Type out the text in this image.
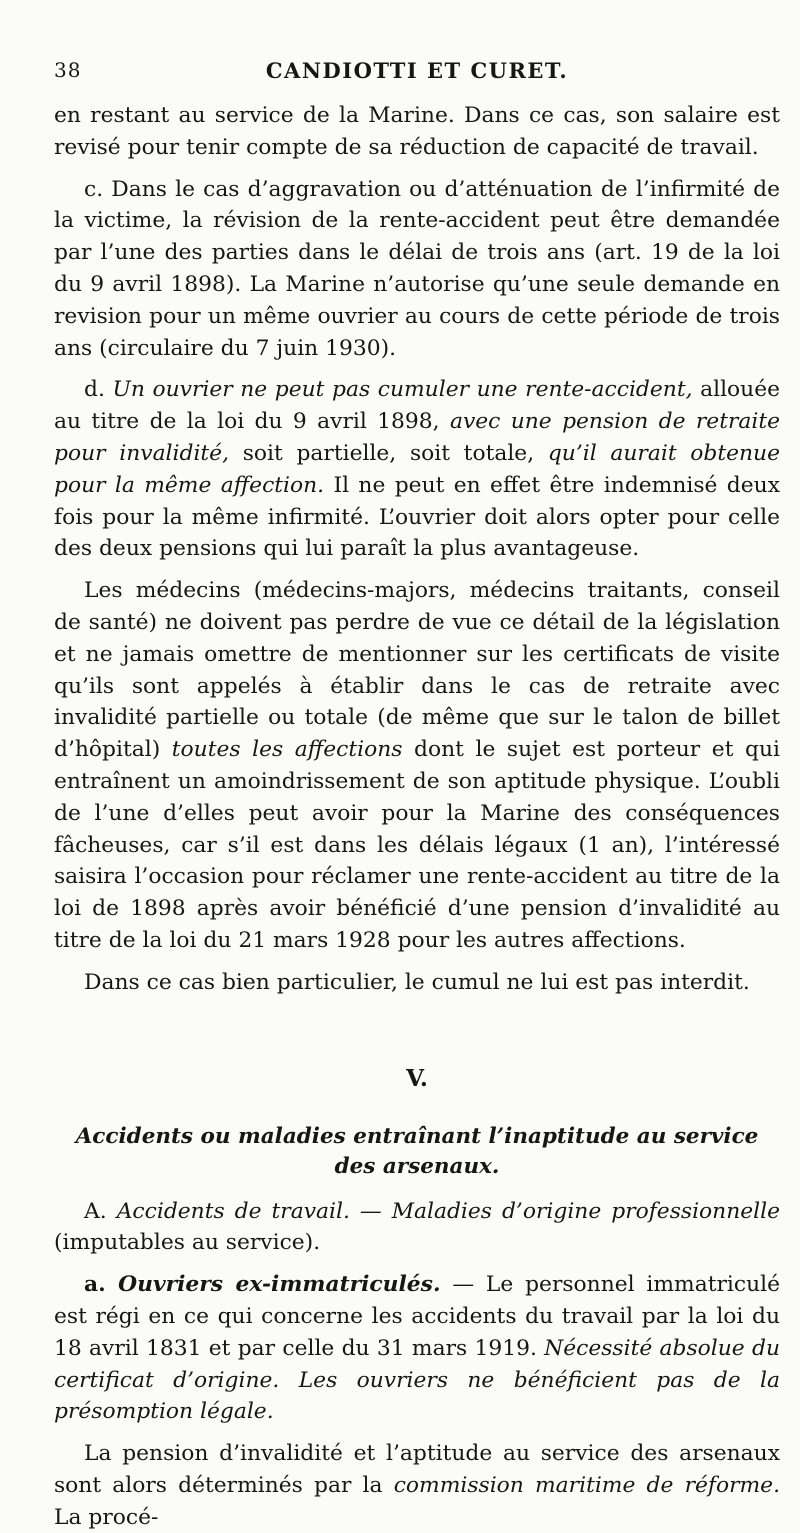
38	CANDIOTTI ET CURET.

en restant au service de la Marine. Dans ce cas, son salaire est revisé pour tenir compte de sa réduction de capacité de travail.

c. Dans le cas d’aggravation ou d’atténuation de l’infirmité de la victime, la révision de la rente-accident peut être demandée par l’une des parties dans le délai de trois ans (art. 19 de la loi du 9 avril 1898). La Marine n’autorise qu’une seule demande en revision pour un même ouvrier au cours de cette période de trois ans (circulaire du 7 juin 1930).

d. Un ouvrier ne peut pas cumuler une rente-accident, allouée au titre de la loi du 9 avril 1898, avec une pension de retraite pour invalidité, soit partielle, soit totale, qu’il aurait obtenue pour la même affection. Il ne peut en effet être indemnisé deux fois pour la même infirmité. L’ouvrier doit alors opter pour celle des deux pensions qui lui paraît la plus avantageuse.

Les médecins (médecins-majors, médecins traitants, conseil de santé) ne doivent pas perdre de vue ce détail de la législation et ne jamais omettre de mentionner sur les certificats de visite qu’ils sont appelés à établir dans le cas de retraite avec invalidité partielle ou totale (de même que sur le talon de billet d’hôpital) toutes les affections dont le sujet est porteur et qui entraînent un amoindrissement de son aptitude physique. L’oubli de l’une d’elles peut avoir pour la Marine des conséquences fâcheuses, car s’il est dans les délais légaux (1 an), l’intéressé saisira l’occasion pour réclamer une rente-accident au titre de la loi de 1898 après avoir bénéficié d’une pension d’invalidité au titre de la loi du 21 mars 1928 pour les autres affections.

Dans ce cas bien particulier, le cumul ne lui est pas interdit.

V.
Accidents ou maladies entraînant l’inaptitude au service des arsenaux.

A. Accidents de travail. — Maladies d’origine professionnelle (imputables au service).

a. Ouvriers ex-immatriculés. — Le personnel immatriculé est régi en ce qui concerne les accidents du travail par la loi du 18 avril 1831 et par celle du 31 mars 1919. Nécessité absolue du certificat d’origine. Les ouvriers ne bénéficient pas de la présomption légale.

La pension d’invalidité et l’aptitude au service des arsenaux sont alors déterminés par la commission maritime de réforme. La procé-
